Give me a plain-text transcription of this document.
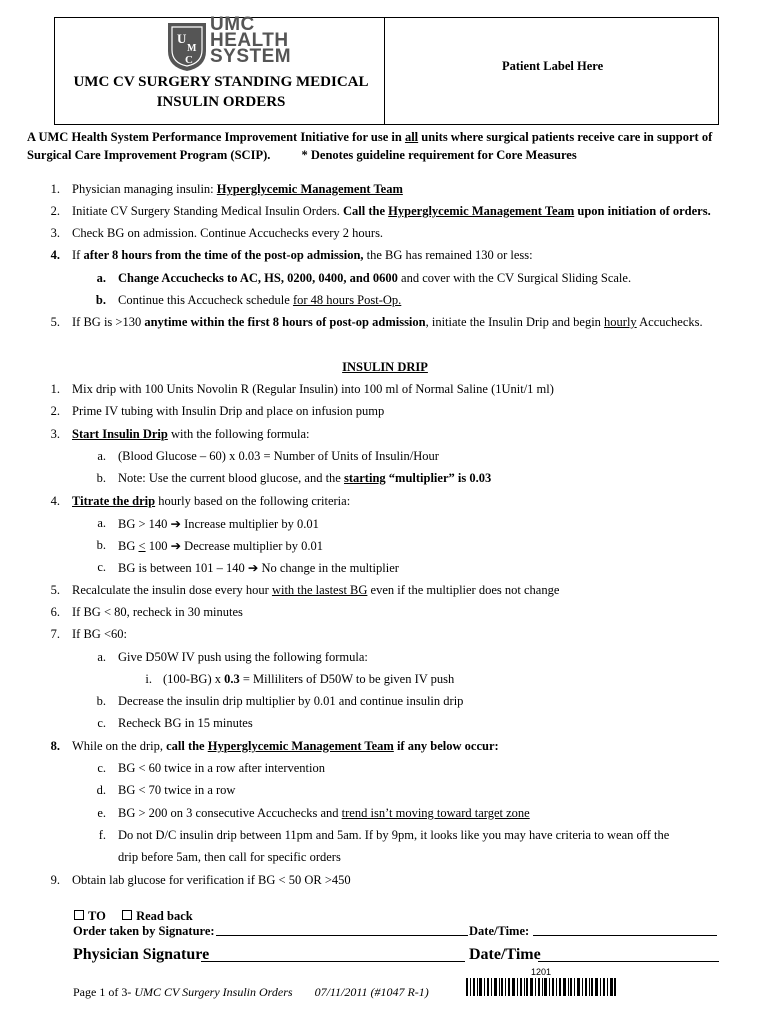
U
M
C
UMC
HEALTH
SYSTEM
UMC CV SURGERY STANDING MEDICAL
INSULIN ORDERS
Patient Label Here
A UMC Health System Performance Improvement Initiative for use in all units where surgical patients receive care in support of Surgical Care Improvement Program (SCIP). * Denotes guideline requirement for Core Measures
1. Physician managing insulin: Hyperglycemic Management Team
2. Initiate CV Surgery Standing Medical Insulin Orders. Call the Hyperglycemic Management Team upon initiation of orders.
3. Check BG on admission. Continue Accuchecks every 2 hours.
4. If after 8 hours from the time of the post-op admission, the BG has remained 130 or less:
a. Change Accuchecks to AC, HS, 0200, 0400, and 0600 and cover with the CV Surgical Sliding Scale.
b. Continue this Accucheck schedule for 48 hours Post-Op.
5. If BG is >130 anytime within the first 8 hours of post-op admission, initiate the Insulin Drip and begin hourly Accuchecks.
INSULIN DRIP
1. Mix drip with 100 Units Novolin R (Regular Insulin) into 100 ml of Normal Saline (1Unit/1 ml)
2. Prime IV tubing with Insulin Drip and place on infusion pump
3. Start Insulin Drip with the following formula:
a. (Blood Glucose – 60) x 0.03 = Number of Units of Insulin/Hour
b. Note: Use the current blood glucose, and the starting “multiplier” is 0.03
4. Titrate the drip hourly based on the following criteria:
a. BG > 140 ➔ Increase multiplier by 0.01
b. BG < 100 ➔ Decrease multiplier by 0.01
c. BG is between 101 – 140 ➔ No change in the multiplier
5. Recalculate the insulin dose every hour with the lastest BG even if the multiplier does not change
6. If BG < 80, recheck in 30 minutes
7. If BG <60:
a. Give D50W IV push using the following formula:
i. (100-BG) x 0.3 = Milliliters of D50W to be given IV push
b. Decrease the insulin drip multiplier by 0.01 and continue insulin drip
c. Recheck BG in 15 minutes
8. While on the drip, call the Hyperglycemic Management Team if any below occur:
c. BG < 60 twice in a row after intervention
d. BG < 70 twice in a row
e. BG > 200 on 3 consecutive Accuchecks and trend isn’t moving toward target zone
f. Do not D/C insulin drip between 11pm and 5am. If by 9pm, it looks like you may have criteria to wean off the
drip before 5am, then call for specific orders
9. Obtain lab glucose for verification if BG < 50 OR >450
TO Read back
Order taken by Signature:	Date/Time:
Physician Signature	Date/Time
Page 1 of 3- UMC CV Surgery Insulin Orders 07/11/2011 (#1047 R-1)
1201
